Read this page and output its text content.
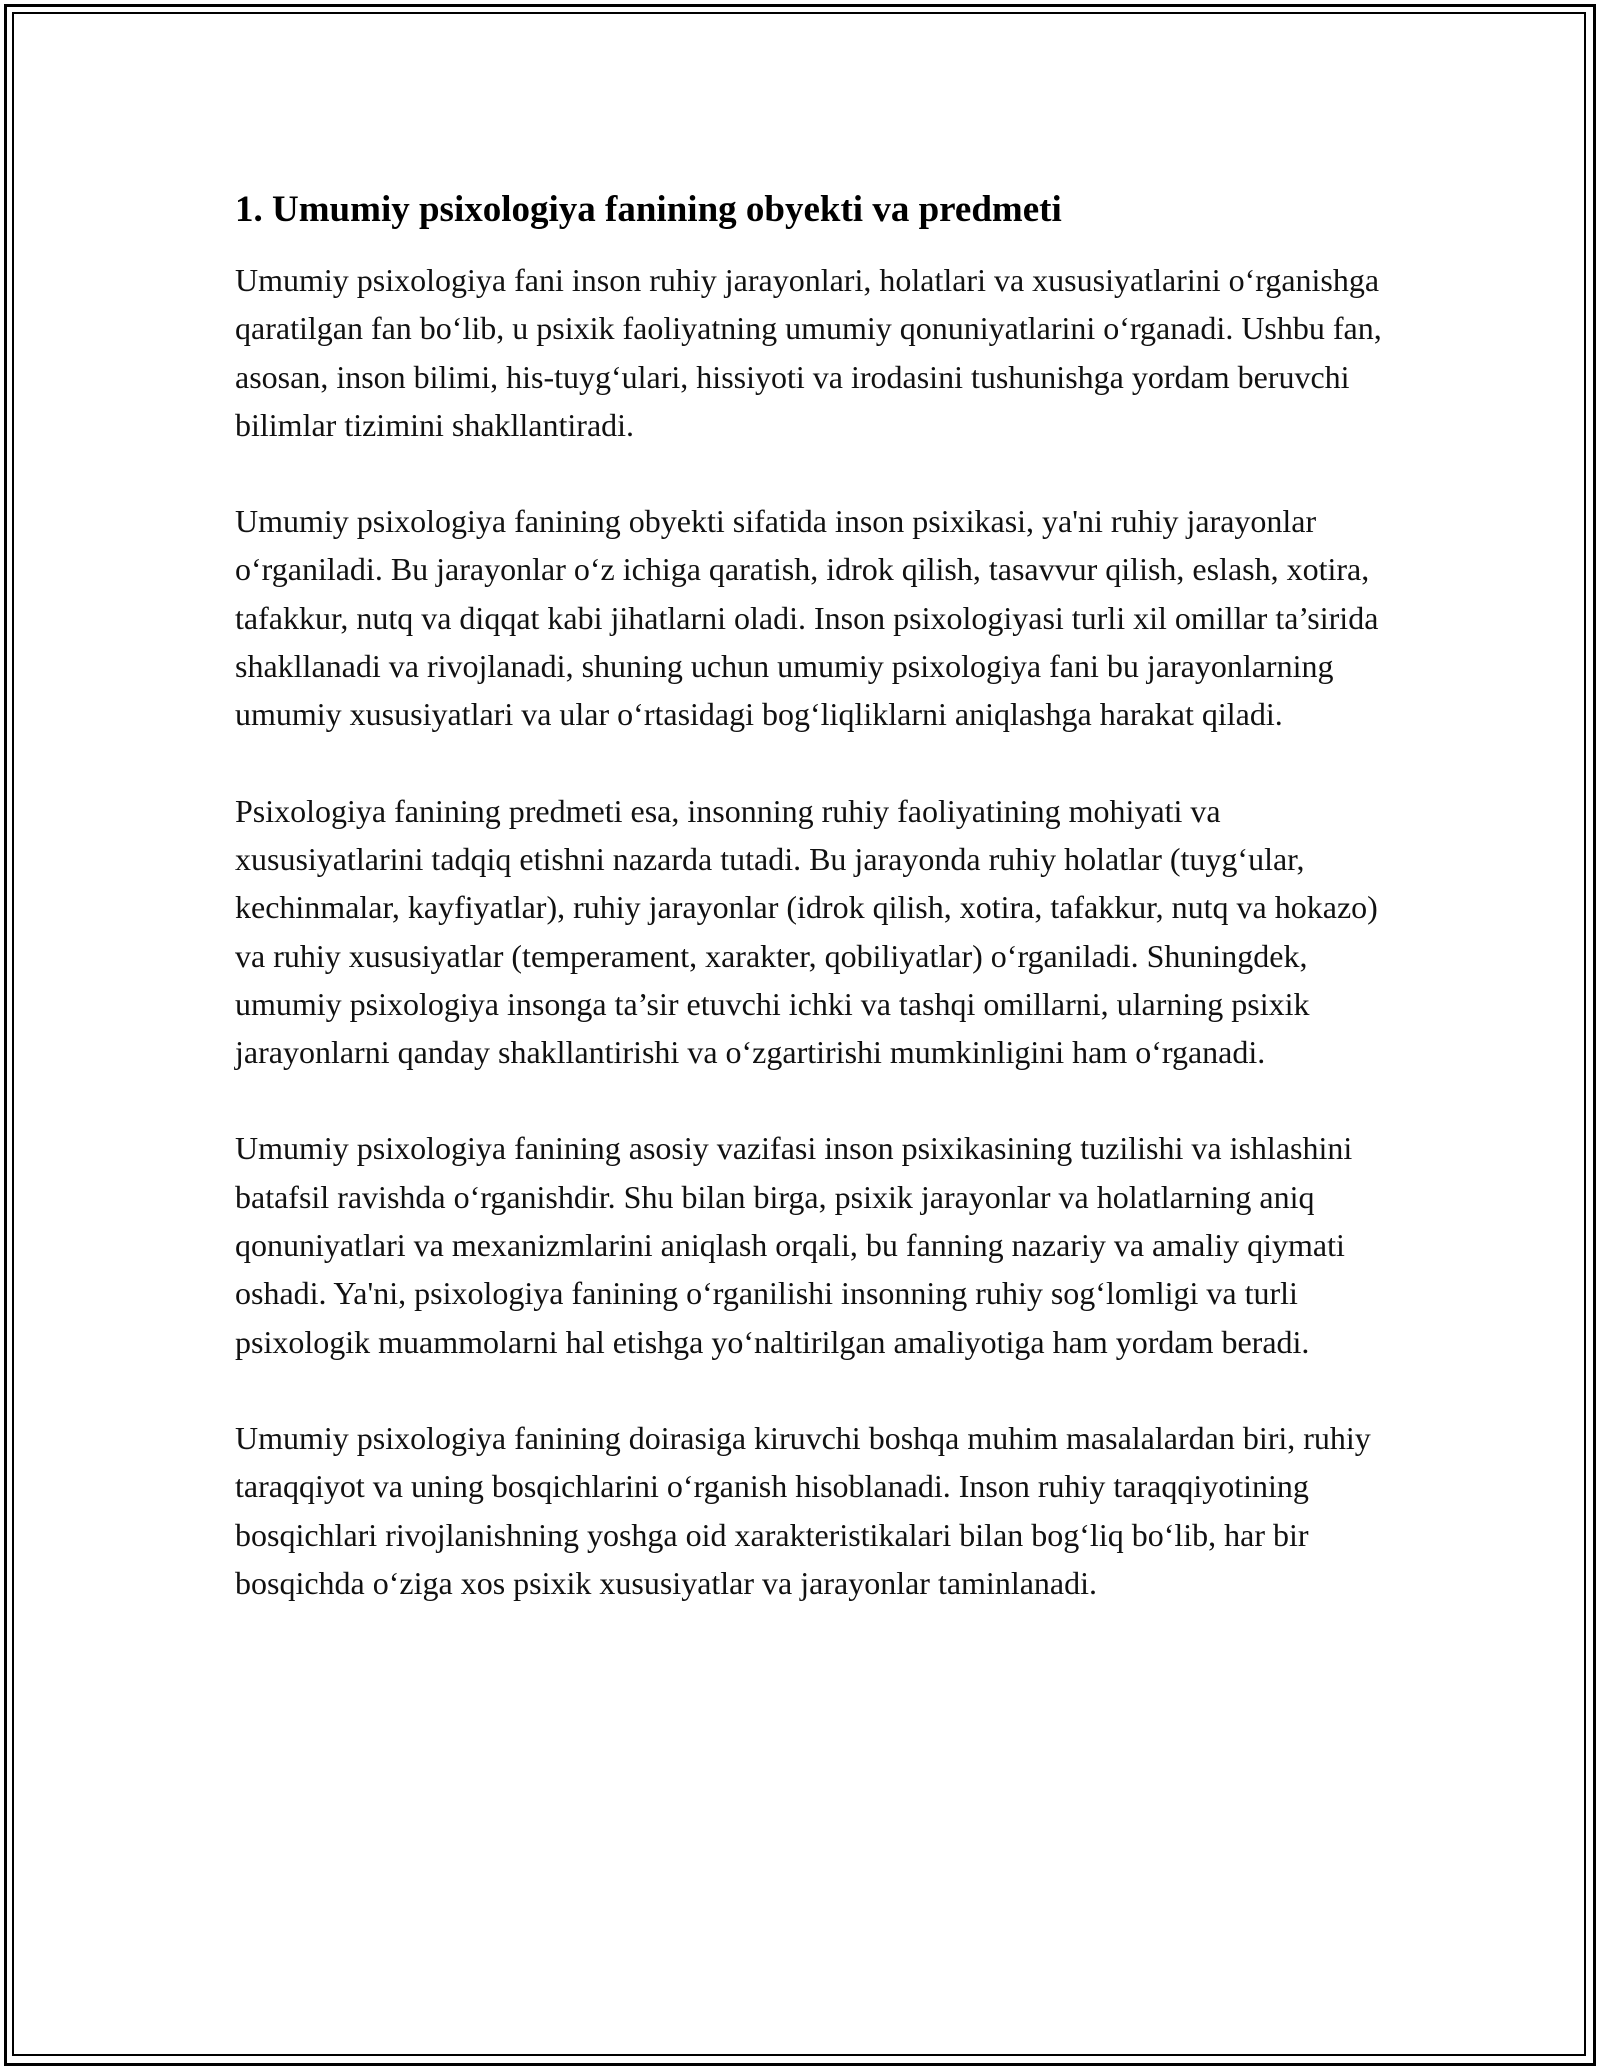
1. Umumiy psixologiya fanining obyekti va predmeti

Umumiy psixologiya fani inson ruhiy jarayonlari, holatlari va xususiyatlarini o‘rganishga qaratilgan fan bo‘lib, u psixik faoliyatning umumiy qonuniyatlarini o‘rganadi. Ushbu fan, asosan, inson bilimi, his-tuyg‘ulari, hissiyoti va irodasini tushunishga yordam beruvchi bilimlar tizimini shakllantiradi.

Umumiy psixologiya fanining obyekti sifatida inson psixikasi, ya'ni ruhiy jarayonlar o‘rganiladi. Bu jarayonlar o‘z ichiga qaratish, idrok qilish, tasavvur qilish, eslash, xotira, tafakkur, nutq va diqqat kabi jihatlarni oladi. Inson psixologiyasi turli xil omillar ta’sirida shakllanadi va rivojlanadi, shuning uchun umumiy psixologiya fani bu jarayonlarning umumiy xususiyatlari va ular o‘rtasidagi bog‘liqliklarni aniqlashga harakat qiladi.

Psixologiya fanining predmeti esa, insonning ruhiy faoliyatining mohiyati va xususiyatlarini tadqiq etishni nazarda tutadi. Bu jarayonda ruhiy holatlar (tuyg‘ular, kechinmalar, kayfiyatlar), ruhiy jarayonlar (idrok qilish, xotira, tafakkur, nutq va hokazo) va ruhiy xususiyatlar (temperament, xarakter, qobiliyatlar) o‘rganiladi. Shuningdek, umumiy psixologiya insonga ta’sir etuvchi ichki va tashqi omillarni, ularning psixik jarayonlarni qanday shakllantirishi va o‘zgartirishi mumkinligini ham o‘rganadi.

Umumiy psixologiya fanining asosiy vazifasi inson psixikasining tuzilishi va ishlashini batafsil ravishda o‘rganishdir. Shu bilan birga, psixik jarayonlar va holatlarning aniq qonuniyatlari va mexanizmlarini aniqlash orqali, bu fanning nazariy va amaliy qiymati oshadi. Ya'ni, psixologiya fanining o‘rganilishi insonning ruhiy sog‘lomligi va turli psixologik muammolarni hal etishga yo‘naltirilgan amaliyotiga ham yordam beradi.

Umumiy psixologiya fanining doirasiga kiruvchi boshqa muhim masalalardan biri, ruhiy taraqqiyot va uning bosqichlarini o‘rganish hisoblanadi. Inson ruhiy taraqqiyotining bosqichlari rivojlanishning yoshga oid xarakteristikalari bilan bog‘liq bo‘lib, har bir bosqichda o‘ziga xos psixik xususiyatlar va jarayonlar taminlanadi.
